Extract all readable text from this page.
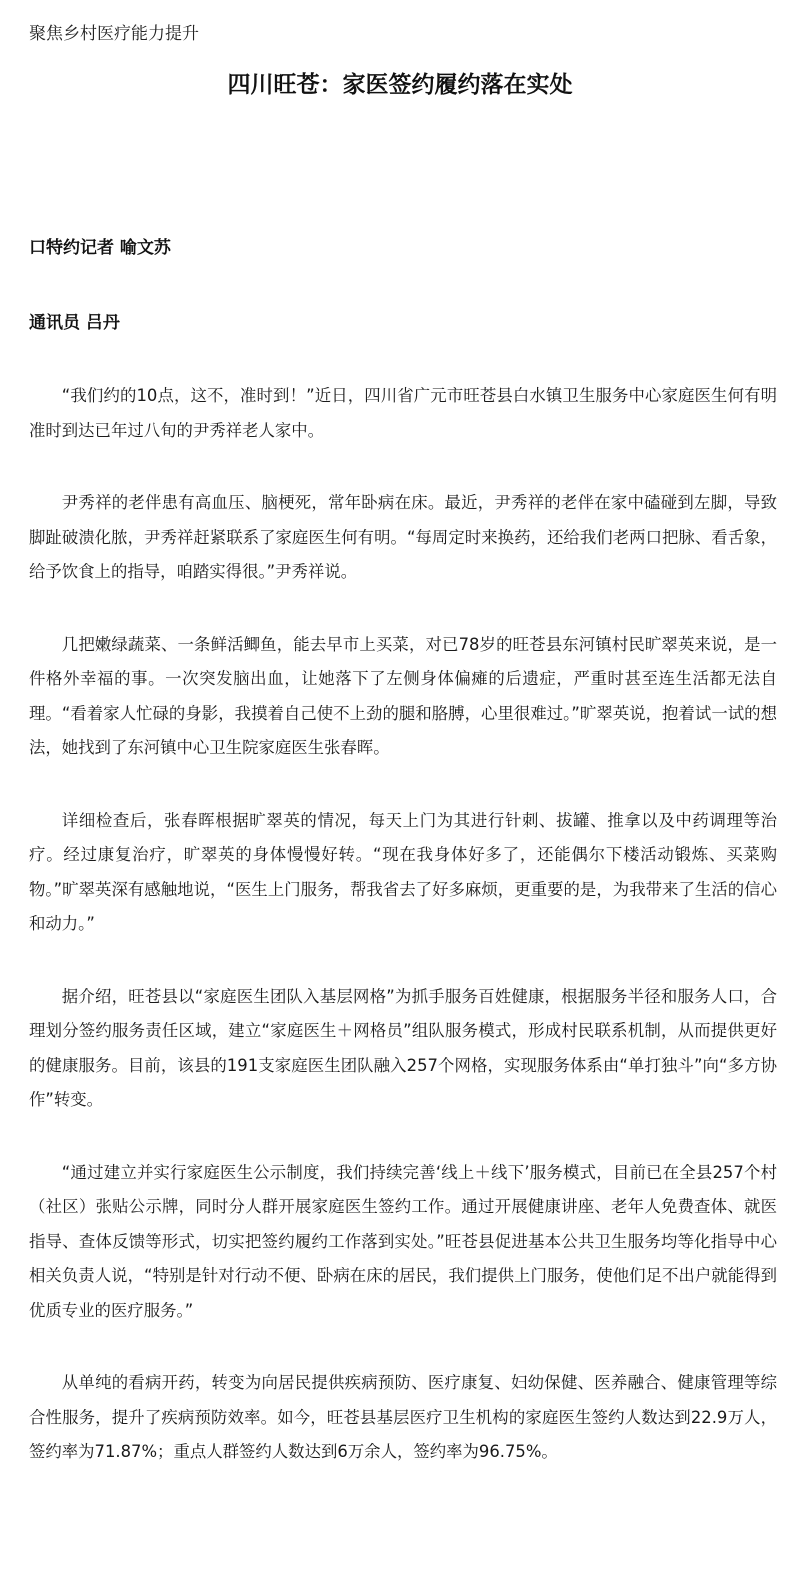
聚焦乡村医疗能力提升
四川旺苍：家医签约履约落在实处
口特约记者 喻文苏
通讯员 吕丹

“我们约的10点，这不，准时到！”近日，四川省广元市旺苍县白水镇卫生服务中心家庭医生何有明准时到达已年过八旬的尹秀祥老人家中。

尹秀祥的老伴患有高血压、脑梗死，常年卧病在床。最近，尹秀祥的老伴在家中磕碰到左脚，导致脚趾破溃化脓，尹秀祥赶紧联系了家庭医生何有明。“每周定时来换药，还给我们老两口把脉、看舌象，给予饮食上的指导，咱踏实得很。”尹秀祥说。

几把嫩绿蔬菜、一条鲜活鲫鱼，能去早市上买菜，对已78岁的旺苍县东河镇村民旷翠英来说，是一件格外幸福的事。一次突发脑出血，让她落下了左侧身体偏瘫的后遗症，严重时甚至连生活都无法自理。“看着家人忙碌的身影，我摸着自己使不上劲的腿和胳膊，心里很难过。”旷翠英说，抱着试一试的想法，她找到了东河镇中心卫生院家庭医生张春晖。

详细检查后，张春晖根据旷翠英的情况，每天上门为其进行针刺、拔罐、推拿以及中药调理等治疗。经过康复治疗，旷翠英的身体慢慢好转。“现在我身体好多了，还能偶尔下楼活动锻炼、买菜购物。”旷翠英深有感触地说，“医生上门服务，帮我省去了好多麻烦，更重要的是，为我带来了生活的信心和动力。”

据介绍，旺苍县以“家庭医生团队入基层网格”为抓手服务百姓健康，根据服务半径和服务人口，合理划分签约服务责任区域，建立“家庭医生＋网格员”组队服务模式，形成村民联系机制，从而提供更好的健康服务。目前，该县的191支家庭医生团队融入257个网格，实现服务体系由“单打独斗”向“多方协作”转变。

“通过建立并实行家庭医生公示制度，我们持续完善‘线上＋线下’服务模式，目前已在全县257个村（社区）张贴公示牌，同时分人群开展家庭医生签约工作。通过开展健康讲座、老年人免费查体、就医指导、查体反馈等形式，切实把签约履约工作落到实处。”旺苍县促进基本公共卫生服务均等化指导中心相关负责人说，“特别是针对行动不便、卧病在床的居民，我们提供上门服务，使他们足不出户就能得到优质专业的医疗服务。”

从单纯的看病开药，转变为向居民提供疾病预防、医疗康复、妇幼保健、医养融合、健康管理等综合性服务，提升了疾病预防效率。如今，旺苍县基层医疗卫生机构的家庭医生签约人数达到22.9万人，签约率为71.87%；重点人群签约人数达到6万余人，签约率为96.75%。
